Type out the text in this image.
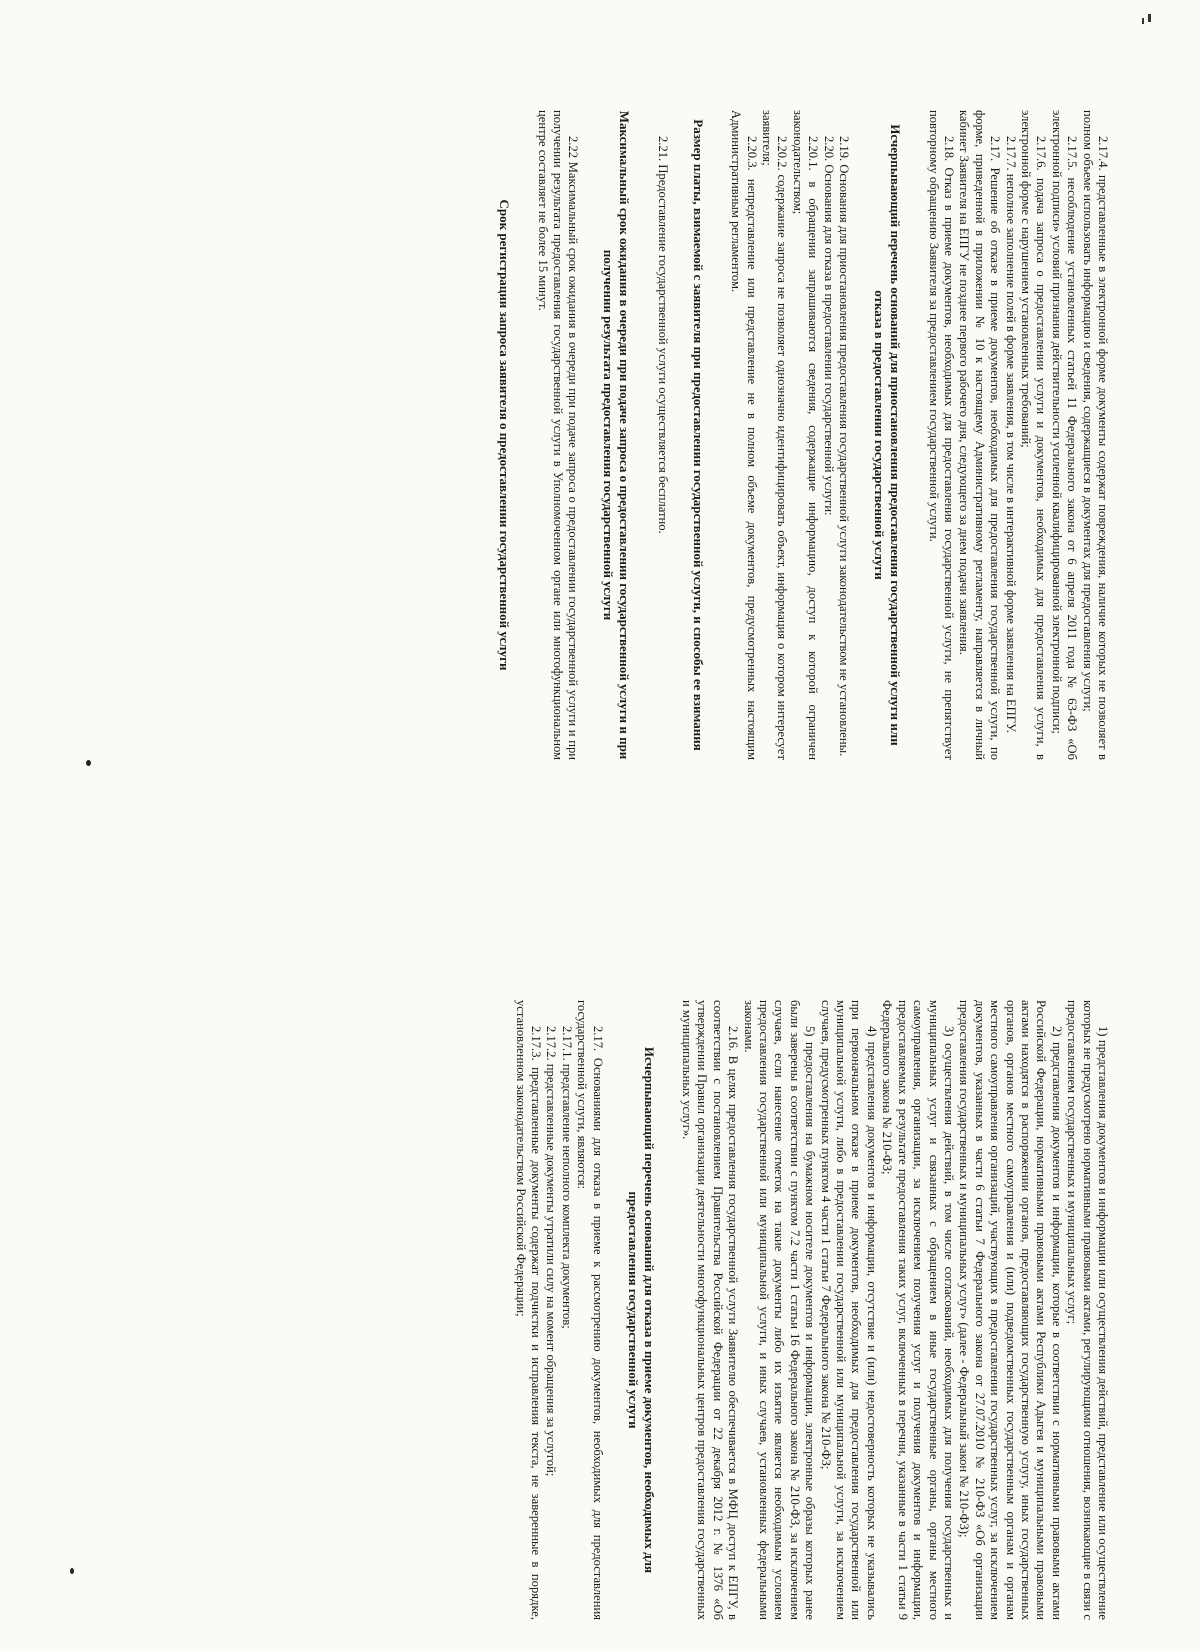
2.17.4. представленные в электронной форме документы содержат повреждения, наличие которых не позволяет в полном объеме использовать информацию и сведения, содержащиеся в документах для предоставления услуги;

2.17.5. несоблюдение установленных статьей 11 Федерального закона от 6 апреля 2011 года № 63-ФЗ «Об электронной подписи» условий признания действительности усиленной квалифицированной электронной подписи;

2.17.6. подача запроса о предоставлении услуги и документов, необходимых для предоставления услуги, в электронной форме с нарушением установленных требований;

2.17.7. неполное заполнение полей в форме заявления, в том числе в интерактивной форме заявления на ЕПГУ.

2.17. Решение об отказе в приеме документов, необходимых для предоставления государственной услуги, по форме, приведенной в приложении № 10 к настоящему Административному регламенту, направляется в личный кабинет Заявителя на ЕПГУ не позднее первого рабочего дня, следующего за днем подачи заявления.

2.18. Отказ в приеме документов, необходимых для предоставления государственной услуги, не препятствует повторному обращению Заявителя за предоставлением государственной услуги.

Исчерпывающий перечень оснований для приостановления предоставления государственной услуги или отказа в предоставлении государственной услуги

2.19. Основания для приостановления предоставления государственной услуги законодательством не установлены.

2.20. Основания для отказа в предоставлении государственной услуги:

2.20.1. в обращении запрашиваются сведения, содержащие информацию, доступ к которой ограничен законодательством;

2.20.2. содержание запроса не позволяет однозначно идентифицировать объект, информация о котором интересует заявителя;

2.20.3. непредставление или представление не в полном объеме документов, предусмотренных настоящим Административным регламентом.

Размер платы, взимаемой с заявителя при предоставлении государственной услуги, и способы ее взимания

2.21. Предоставление государственной услуги осуществляется бесплатно.

Максимальный срок ожидания в очереди при подаче запроса о предоставлении государственной услуги и при получении результата предоставления государственной услуги

2.22 Максимальный срок ожидания в очереди при подаче запроса о предоставлении государственной услуги и при получении результата предоставления государственной услуги в Уполномоченном органе или многофункциональном центре составляет не более 15 минут.

Срок регистрации запроса заявителя о предоставлении государственной услуги

1) представления документов и информации или осуществления действий, представление или осуществление которых не предусмотрено нормативными правовыми актами, регулирующими отношения, возникающие в связи с предоставлением государственных и муниципальных услуг;

2) представления документов и информации, которые в соответствии с нормативными правовыми актами Российской Федерации, нормативными правовыми актами Республики Адыгея и муниципальными правовыми актами находятся в распоряжении органов, предоставляющих государственную услугу, иных государственных органов, органов местного самоуправления и (или) подведомственных государственным органам и органам местного самоуправления организаций, участвующих в предоставлении государственных услуг, за исключением документов, указанных в части 6 статьи 7 Федерального закона от 27.07.2010 № 210-ФЗ «Об организации предоставления государственных и муниципальных услуг» (далее - Федеральный закон № 210-ФЗ);

3) осуществления действий, в том числе согласований, необходимых для получения государственных и муниципальных услуг и связанных с обращением в иные государственные органы, органы местного самоуправления, организации, за исключением получения услуг и получения документов и информации, предоставляемых в результате предоставления таких услуг, включенных в перечни, указанные в части 1 статьи 9 Федерального закона № 210-ФЗ;

4) представления документов и информации, отсутствие и (или) недостоверность которых не указывались при первоначальном отказе в приеме документов, необходимых для предоставления государственной или муниципальной услуги, либо в предоставлении государственной или муниципальной услуги, за исключением случаев, предусмотренных пунктом 4 части 1 статьи 7 Федерального закона № 210-ФЗ;

5) предоставления на бумажном носителе документов и информации, электронные образы которых ранее были заверены в соответствии с пунктом 7.2 части 1 статьи 16 Федерального закона № 210-ФЗ, за исключением случаев, если нанесение отметок на такие документы либо их изъятие является необходимым условием предоставления государственной или муниципальной услуги, и иных случаев, установленных федеральными законами.

2.16. В целях предоставления государственной услуги Заявителю обеспечивается в МФЦ доступ к ЕПГУ, в соответствии с постановлением Правительства Российской Федерации от 22 декабря 2012 г. № 1376 «Об утверждении Правил организации деятельности многофункциональных центров предоставления государственных и муниципальных услуг».

Исчерпывающий перечень оснований для отказа в приеме документов, необходимых для предоставления государственной услуги

2.17. Основаниями для отказа в приеме к рассмотрению документов, необходимых для предоставления государственной услуги, являются:

2.17.1. представление неполного комплекта документов;

2.17.2. представленные документы утратили силу на момент обращения за услугой;

2.17.3. представленные документы содержат подчистки и исправления текста, не заверенные в порядке, установленном законодательством Российской Федерации;
